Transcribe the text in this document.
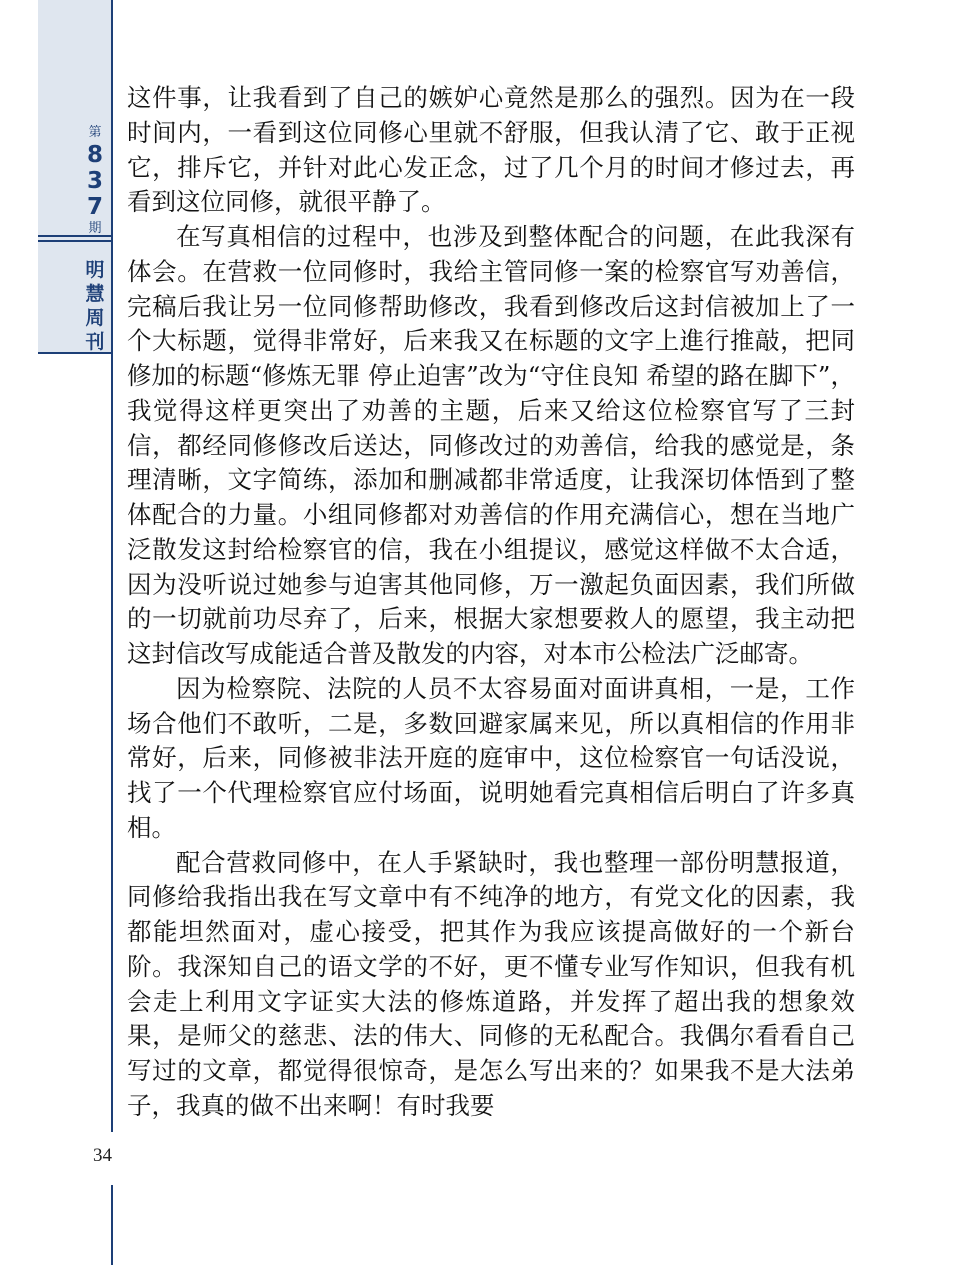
第
8
3
7
期
明
慧
周
刊
34

这件事，让我看到了自己的嫉妒心竟然是那么的强烈。因为在一段时间内，一看到这位同修心里就不舒服，但我认清了它、敢于正视它，排斥它，并针对此心发正念，过了几个月的时间才修过去，再看到这位同修，就很平静了。

在写真相信的过程中，也涉及到整体配合的问题，在此我深有体会。在营救一位同修时，我给主管同修一案的检察官写劝善信，完稿后我让另一位同修帮助修改，我看到修改后这封信被加上了一个大标题，觉得非常好，后来我又在标题的文字上進行推敲，把同修加的标题“修炼无罪 停止迫害”改为“守住良知 希望的路在脚下”，我觉得这样更突出了劝善的主题，后来又给这位检察官写了三封信，都经同修修改后送达，同修改过的劝善信，给我的感觉是，条理清晰，文字简练，添加和删减都非常适度，让我深切体悟到了整体配合的力量。小组同修都对劝善信的作用充满信心，想在当地广泛散发这封给检察官的信，我在小组提议，感觉这样做不太合适，因为没听说过她参与迫害其他同修，万一激起负面因素，我们所做的一切就前功尽弃了，后来，根据大家想要救人的愿望，我主动把这封信改写成能适合普及散发的内容，对本市公检法广泛邮寄。

因为检察院、法院的人员不太容易面对面讲真相，一是，工作场合他们不敢听，二是，多数回避家属来见，所以真相信的作用非常好，后来，同修被非法开庭的庭审中，这位检察官一句话没说，找了一个代理检察官应付场面，说明她看完真相信后明白了许多真相。

配合营救同修中，在人手紧缺时，我也整理一部份明慧报道，同修给我指出我在写文章中有不纯净的地方，有党文化的因素，我都能坦然面对，虚心接受，把其作为我应该提高做好的一个新台阶。我深知自己的语文学的不好，更不懂专业写作知识，但我有机会走上利用文字证实大法的修炼道路，并发挥了超出我的想象效果，是师父的慈悲、法的伟大、同修的无私配合。我偶尔看看自己写过的文章，都觉得很惊奇，是怎么写出来的？如果我不是大法弟子，我真的做不出来啊！有时我要
